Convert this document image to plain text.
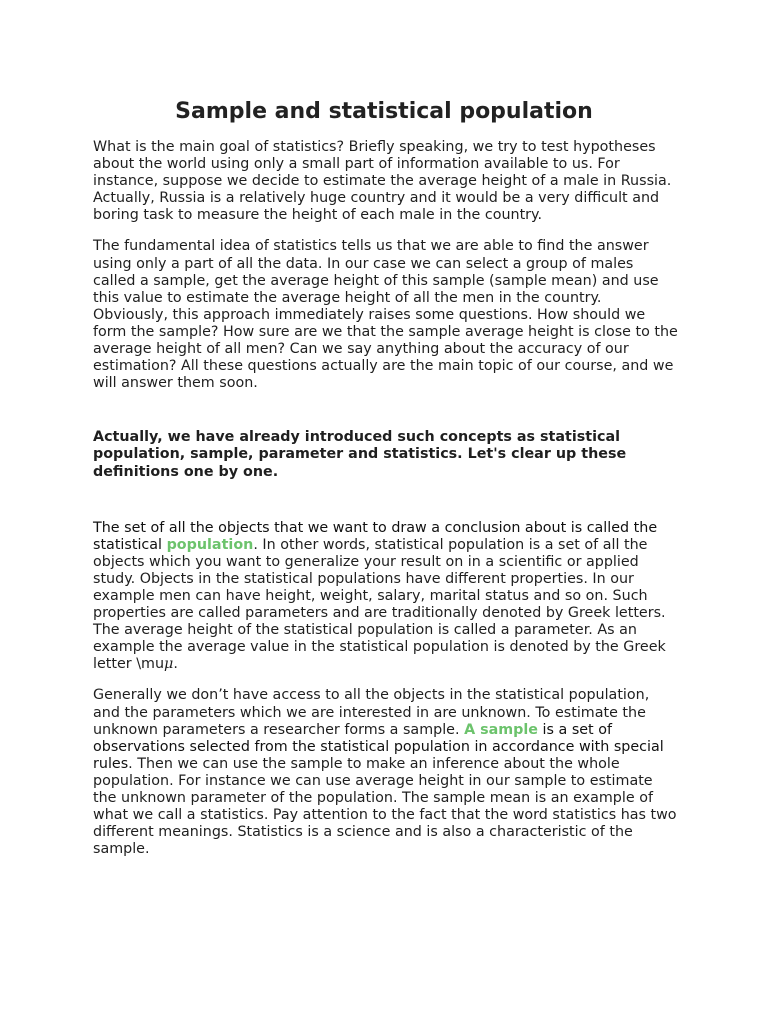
Sample and statistical population

What is the main goal of statistics? Briefly speaking, we try to test hypotheses about the world using only a small part of information available to us. For instance, suppose we decide to estimate the average height of a male in Russia. Actually, Russia is a relatively huge country and it would be a very difficult and boring task to measure the height of each male in the country.

The fundamental idea of statistics tells us that we are able to find the answer using only a part of all the data. In our case we can select a group of males called a sample, get the average height of this sample (sample mean) and use this value to estimate the average height of all the men in the country. Obviously, this approach immediately raises some questions. How should we form the sample? How sure are we that the sample average height is close to the average height of all men? Can we say anything about the accuracy of our estimation? All these questions actually are the main topic of our course, and we will answer them soon.

Actually, we have already introduced such concepts as statistical population, sample, parameter and statistics. Let's clear up these definitions one by one.

The set of all the objects that we want to draw a conclusion about is called the statistical population. In other words, statistical population is a set of all the objects which you want to generalize your result on in a scientific or applied study. Objects in the statistical populations have different properties. In our example men can have height, weight, salary, marital status and so on. Such properties are called parameters and are traditionally denoted by Greek letters. The average height of the statistical population is called a parameter. As an example the average value in the statistical population is denoted by the Greek letter \muμ.

Generally we don’t have access to all the objects in the statistical population, and the parameters which we are interested in are unknown. To estimate the unknown parameters a researcher forms a sample. A sample is a set of observations selected from the statistical population in accordance with special rules. Then we can use the sample to make an inference about the whole population. For instance we can use average height in our sample to estimate the unknown parameter of the population. The sample mean is an example of what we call a statistics. Pay attention to the fact that the word statistics has two different meanings. Statistics is a science and is also a characteristic of the sample.
